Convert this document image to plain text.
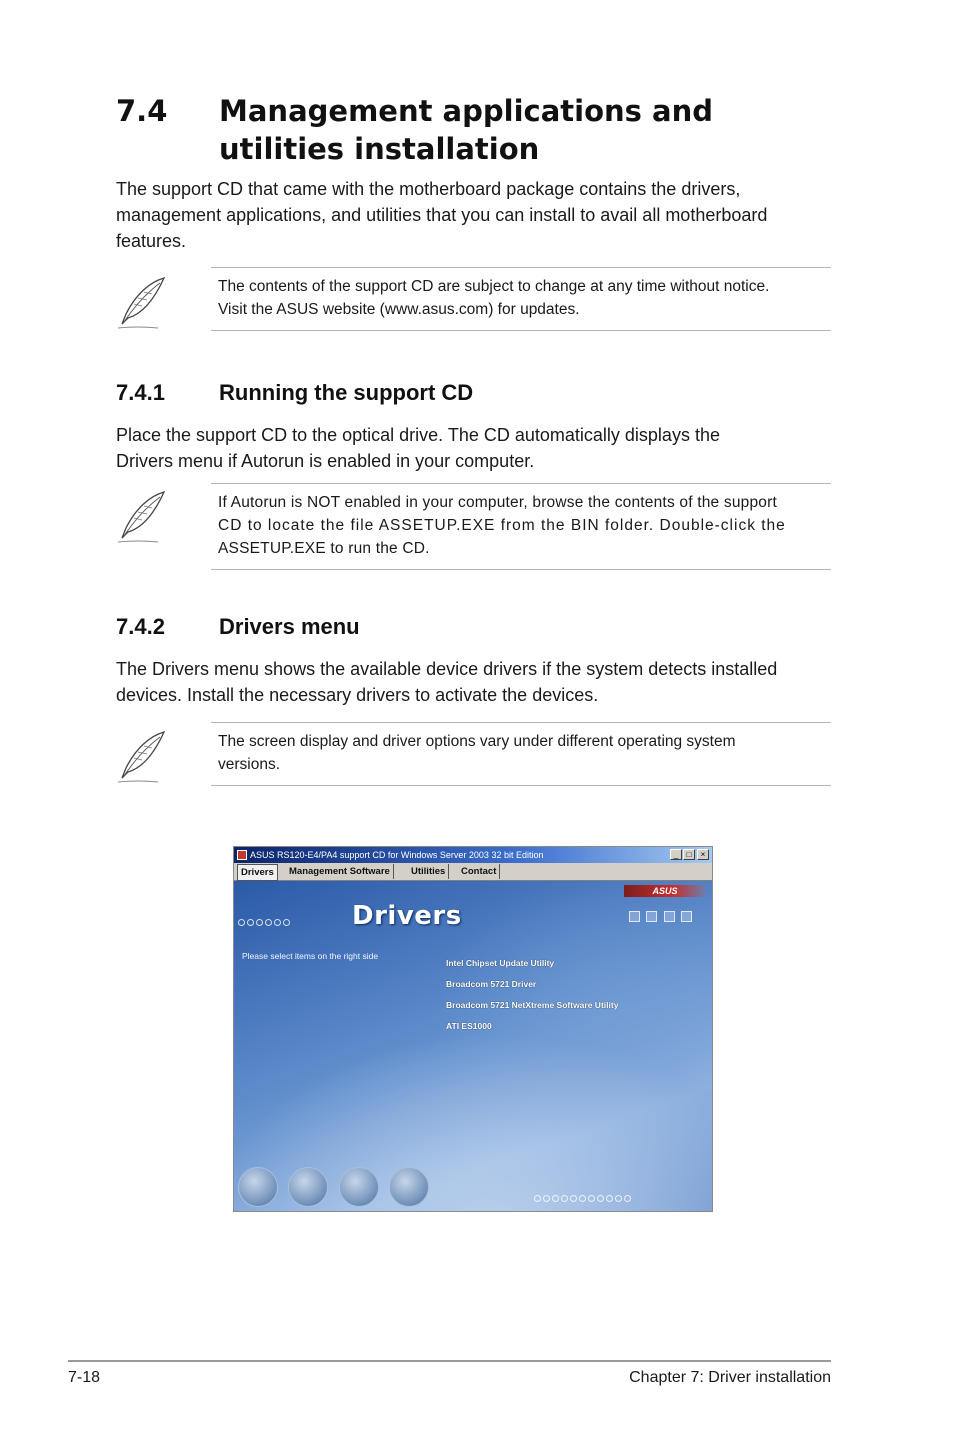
7.4 Management applications and
utilities installation
The support CD that came with the motherboard package contains the drivers,
management applications, and utilities that you can install to avail all motherboard
features.
The contents of the support CD are subject to change at any time without notice.
Visit the ASUS website (www.asus.com) for updates.
7.4.1 Running the support CD
Place the support CD to the optical drive. The CD automatically displays the
Drivers menu if Autorun is enabled in your computer.
If Autorun is NOT enabled in your computer, browse the contents of the support
CD to locate the file ASSETUP.EXE from the BIN folder. Double-click the
ASSETUP.EXE to run the CD.
7.4.2 Drivers menu
The Drivers menu shows the available device drivers if the system detects installed
devices. Install the necessary drivers to activate the devices.
The screen display and driver options vary under different operating system
versions.
ASUS RS120-E4/PA4 support CD for Windows Server 2003 32 bit Edition	_	□	×
Drivers	Management Software	Utilities	Contact
ASUS
Drivers

Please select items on the right side
Intel Chipset Update Utility
Broadcom 5721 Driver
Broadcom 5721 NetXtreme Software Utility
ATI ES1000

7-18	Chapter 7: Driver installation
